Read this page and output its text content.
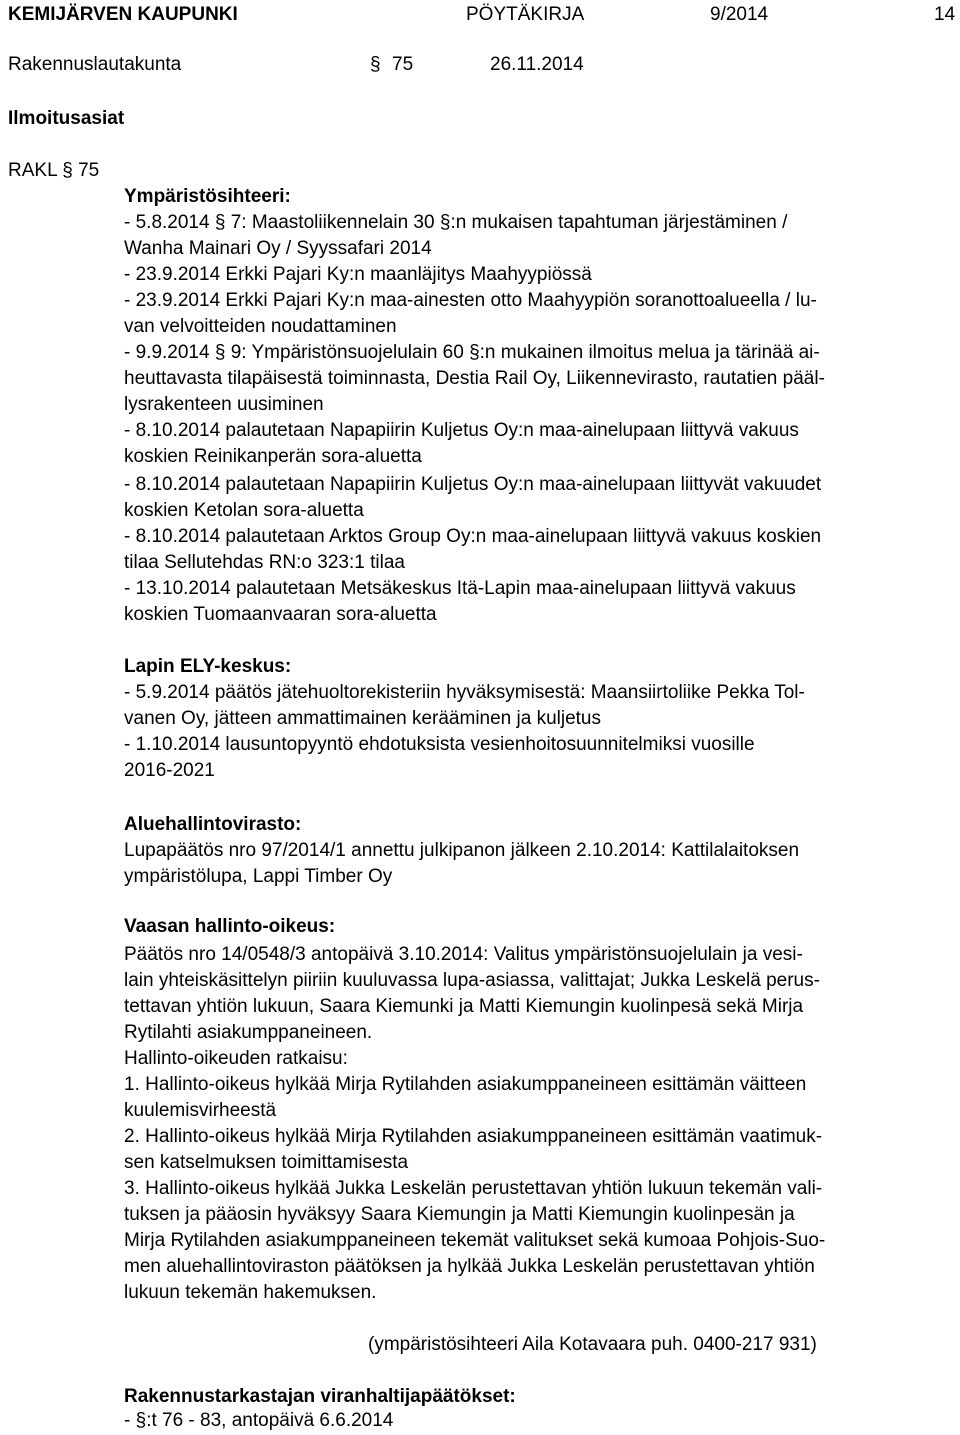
KEMIJÄRVEN KAUPUNKI	PÖYTÄKIRJA	9/2014	14
Rakennuslautakunta	§ 75	26.11.2014
Ilmoitusasiat
RAKL § 75
Ympäristösihteeri:
- 5.8.2014 § 7: Maastoliikennelain 30 §:n mukaisen tapahtuman järjestäminen /
Wanha Mainari Oy / Syyssafari 2014
- 23.9.2014 Erkki Pajari Ky:n maanläjitys Maahyypiössä
- 23.9.2014 Erkki Pajari Ky:n maa-ainesten otto Maahyypiön soranottoalueella / lu-
van velvoitteiden noudattaminen
- 9.9.2014 § 9: Ympäristönsuojelulain 60 §:n mukainen ilmoitus melua ja tärinää ai-
heuttavasta tilapäisestä toiminnasta, Destia Rail Oy, Liikennevirasto, rautatien pääl-
lysrakenteen uusiminen
- 8.10.2014 palautetaan Napapiirin Kuljetus Oy:n maa-ainelupaan liittyvä vakuus
koskien Reinikanperän sora-aluetta
- 8.10.2014 palautetaan Napapiirin Kuljetus Oy:n maa-ainelupaan liittyvät vakuudet
koskien Ketolan sora-aluetta
- 8.10.2014 palautetaan Arktos Group Oy:n maa-ainelupaan liittyvä vakuus koskien
tilaa Sellutehdas RN:o 323:1 tilaa
- 13.10.2014 palautetaan Metsäkeskus Itä-Lapin maa-ainelupaan liittyvä vakuus
koskien Tuomaanvaaran sora-aluetta
Lapin ELY-keskus:
- 5.9.2014 päätös jätehuoltorekisteriin hyväksymisestä: Maansiirtoliike Pekka Tol-
vanen Oy, jätteen ammattimainen kerääminen ja kuljetus
- 1.10.2014 lausuntopyyntö ehdotuksista vesienhoitosuunnitelmiksi vuosille
2016-2021
Aluehallintovirasto:
Lupapäätös nro 97/2014/1 annettu julkipanon jälkeen 2.10.2014: Kattilalaitoksen
ympäristölupa, Lappi Timber Oy
Vaasan hallinto-oikeus:
Päätös nro 14/0548/3 antopäivä 3.10.2014: Valitus ympäristönsuojelulain ja vesi-
lain yhteiskäsittelyn piiriin kuuluvassa lupa-asiassa, valittajat; Jukka Leskelä perus-
tettavan yhtiön lukuun, Saara Kiemunki ja Matti Kiemungin kuolinpesä sekä Mirja
Rytilahti asiakumppaneineen.
Hallinto-oikeuden ratkaisu:
1. Hallinto-oikeus hylkää Mirja Rytilahden asiakumppaneineen esittämän väitteen
kuulemisvirheestä
2. Hallinto-oikeus hylkää Mirja Rytilahden asiakumppaneineen esittämän vaatimuk-
sen katselmuksen toimittamisesta
3. Hallinto-oikeus hylkää Jukka Leskelän perustettavan yhtiön lukuun tekemän vali-
tuksen ja pääosin hyväksyy Saara Kiemungin ja Matti Kiemungin kuolinpesän ja
Mirja Rytilahden asiakumppaneineen tekemät valitukset sekä kumoaa Pohjois-Suo-
men aluehallintoviraston päätöksen ja hylkää Jukka Leskelän perustettavan yhtiön
lukuun tekemän hakemuksen.
(ympäristösihteeri Aila Kotavaara puh. 0400-217 931)
Rakennustarkastajan viranhaltijapäätökset:
- §:t 76 - 83, antopäivä 6.6.2014
